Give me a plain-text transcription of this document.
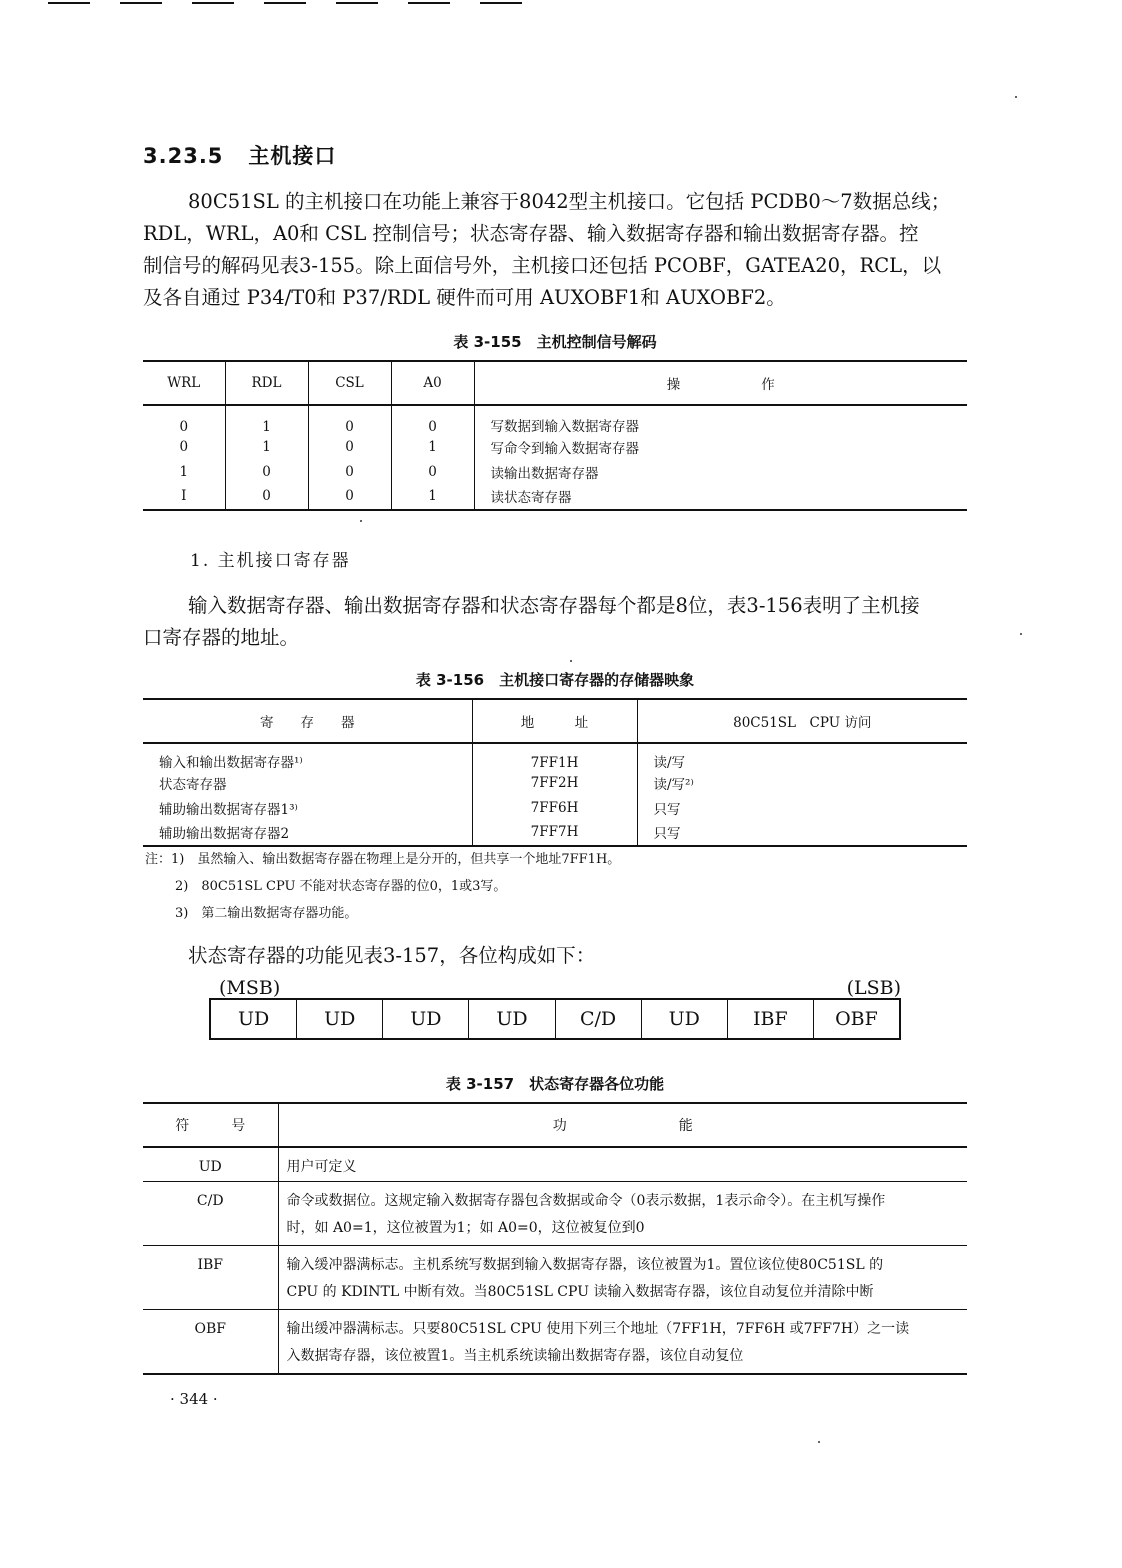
3.23.5 主机接口
80C51SL 的主机接口在功能上兼容于8042型主机接口。它包括 PCDB0～7数据总线；
RDL，WRL，A0和 CSL 控制信号；状态寄存器、输入数据寄存器和输出数据寄存器。控
制信号的解码见表3-155。除上面信号外，主机接口还包括 PCOBF，GATEA20，RCL，以
及各自通过 P34/T0和 P37/RDL 硬件而可用 AUXOBF1和 AUXOBF2。
表 3-155　主机控制信号解码
WRL	RDL	CSL	A0	操　　　　　　作
0	1	0	0	写数据到输入数据寄存器
0	1	0	1	写命令到输入数据寄存器
1	0	0	0	读输出数据寄存器
I	0	0	1	读状态寄存器
1. 主机接口寄存器
输入数据寄存器、输出数据寄存器和状态寄存器每个都是8位，表3-156表明了主机接
口寄存器的地址。
表 3-156　主机接口寄存器的存储器映象
寄　　存　　器	地　　　址	80C51SL　CPU 访问
输入和输出数据寄存器¹⁾	7FF1H	读/写
状态寄存器	7FF2H	读/写²⁾
辅助输出数据寄存器1³⁾	7FF6H	只写
辅助输出数据寄存器2	7FF7H	只写
注：1)　虽然输入、输出数据寄存器在物理上是分开的，但共享一个地址7FF1H。
2)　80C51SL CPU 不能对状态寄存器的位0，1或3写。
3)　第二输出数据寄存器功能。
状态寄存器的功能见表3-157，各位构成如下：
(MSB)	(LSB)
UD	UD	UD	UD	C/D	UD	IBF	OBF
表 3-157　状态寄存器各位功能
符　　　号	功　　　　　　　　能
UD	用户可定义

C/D	命令或数据位。这规定输入数据寄存器包含数据或命令（0表示数据，1表示命令）。在主机写操作
时，如 A0=1，这位被置为1；如 A0=0，这位被复位到0

IBF	输入缓冲器满标志。主机系统写数据到输入数据寄存器，该位被置为1。置位该位使80C51SL 的
CPU 的 KDINTL 中断有效。当80C51SL CPU 读输入数据寄存器，该位自动复位并清除中断

OBF	输出缓冲器满标志。只要80C51SL CPU 使用下列三个地址（7FF1H，7FF6H 或7FF7H）之一读
入数据寄存器，该位被置1。当主机系统读输出数据寄存器，该位自动复位
· 344 ·
